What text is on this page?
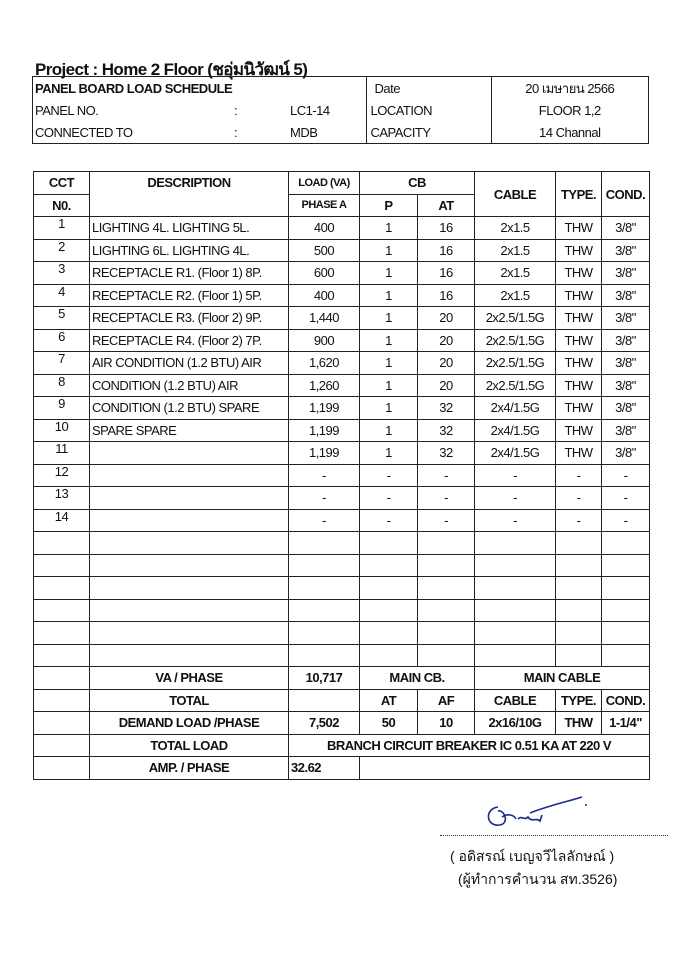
Project : Home 2 Floor (ชอุ่มนิวัฒน์ 5)
PANEL BOARD LOAD SCHEDULE			Date	20 เมษายน 2566
PANEL NO.	:	LC1-14	LOCATION	FLOOR 1,2
CONNECTED TO	:	MDB	CAPACITY	14 Channal
CCT	DESCRIPTION	LOAD (VA)	CB		CABLE	TYPE.	COND.
N0.		PHASE A	P	AT			
1	LIGHTING 4L. LIGHTING 5L.	400	1	16	2x1.5	THW	3/8"
2	LIGHTING 6L. LIGHTING 4L.	500	1	16	2x1.5	THW	3/8"
3	RECEPTACLE R1. (Floor 1) 8P.	600	1	16	2x1.5	THW	3/8"
4	RECEPTACLE R2. (Floor 1) 5P.	400	1	16	2x1.5	THW	3/8"
5	RECEPTACLE R3. (Floor 2) 9P.	1,440	1	20	2x2.5/1.5G	THW	3/8"
6	RECEPTACLE R4. (Floor 2) 7P.	900	1	20	2x2.5/1.5G	THW	3/8"
7	AIR CONDITION (1.2 BTU) AIR	1,620	1	20	2x2.5/1.5G	THW	3/8"
8	CONDITION (1.2 BTU) AIR	1,260	1	20	2x2.5/1.5G	THW	3/8"
9	CONDITION (1.2 BTU) SPARE	1,199	1	32	2x4/1.5G	THW	3/8"
10	SPARE SPARE	1,199	1	32	2x4/1.5G	THW	3/8"
11		1,199	1	32	2x4/1.5G	THW	3/8"
12		-	-	-	-	-	-
13		-	-	-	-	-	-
14		-	-	-	-	-	-

	VA / PHASE	10,717	MAIN CB.		MAIN CABLE		
	TOTAL		AT	AF	CABLE	TYPE.	COND.
	DEMAND LOAD /PHASE	7,502	50	10	2x16/10G	THW	1-1/4"
	TOTAL LOAD	BRANCH CIRCUIT BREAKER IC 0.51 KA AT 220 V					
	AMP. / PHASE	32.62					
( อดิสรณ์ เบญจวีไลลักษณ์ )
(ผู้ทำการคำนวน สท.3526)
